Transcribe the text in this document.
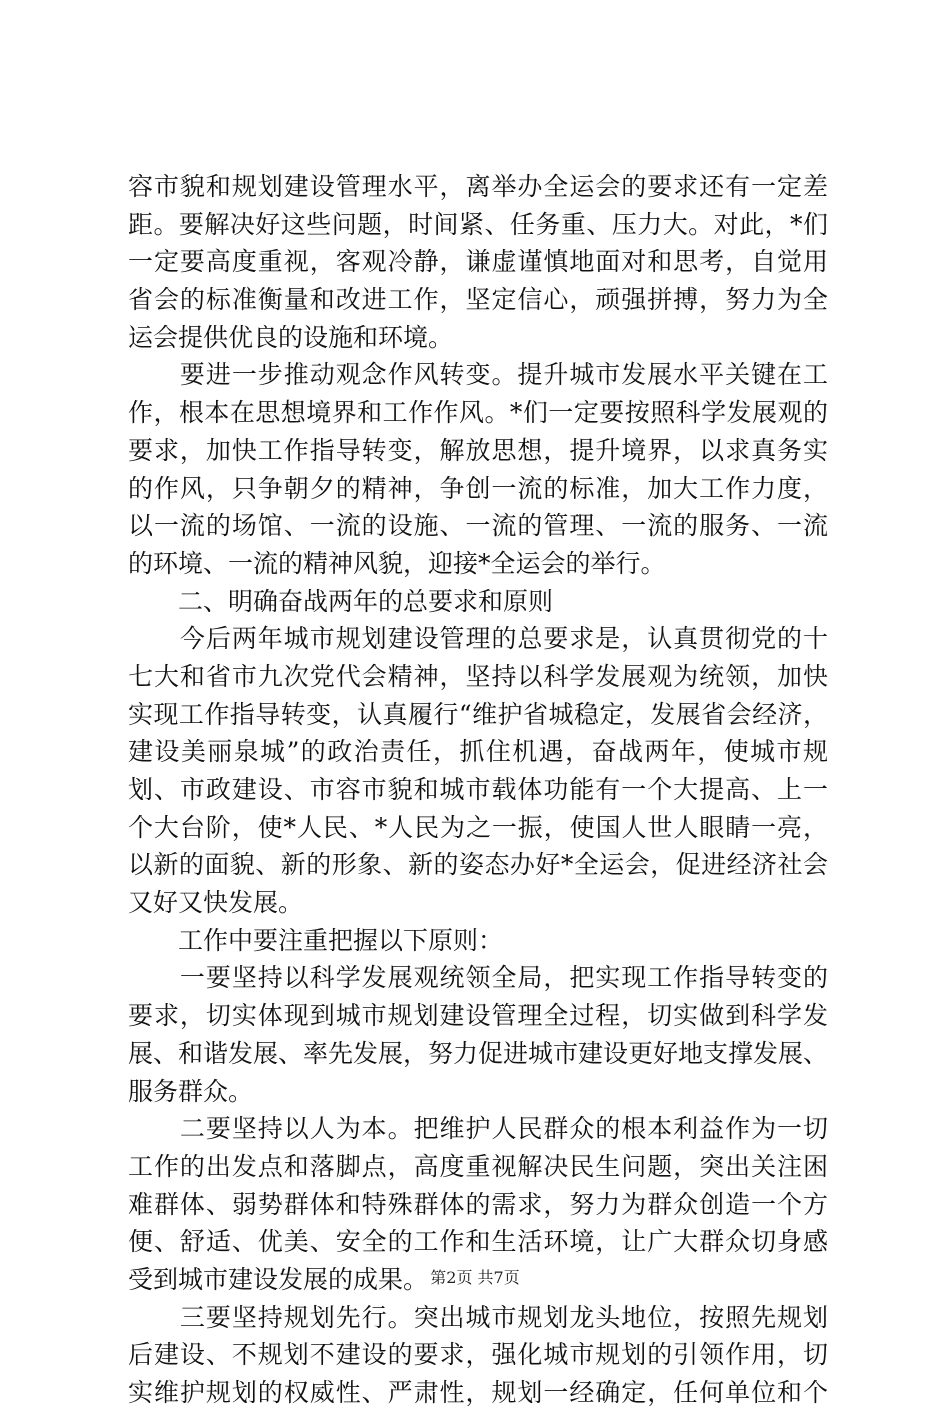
容市貌和规划建设管理水平，离举办全运会的要求还有一定差
距。要解决好这些问题，时间紧、任务重、压力大。对此，*们
一定要高度重视，客观冷静，谦虚谨慎地面对和思考，自觉用
省会的标准衡量和改进工作，坚定信心，顽强拼搏，努力为全
运会提供优良的设施和环境。
　　要进一步推动观念作风转变。提升城市发展水平关键在工
作，根本在思想境界和工作作风。*们一定要按照科学发展观的
要求，加快工作指导转变，解放思想，提升境界，以求真务实
的作风，只争朝夕的精神，争创一流的标准，加大工作力度，
以一流的场馆、一流的设施、一流的管理、一流的服务、一流
的环境、一流的精神风貌，迎接*全运会的举行。
　　二、明确奋战两年的总要求和原则
　　今后两年城市规划建设管理的总要求是，认真贯彻党的十
七大和省市九次党代会精神，坚持以科学发展观为统领，加快
实现工作指导转变，认真履行“维护省城稳定，发展省会经济，
建设美丽泉城”的政治责任，抓住机遇，奋战两年，使城市规
划、市政建设、市容市貌和城市载体功能有一个大提高、上一
个大台阶，使*人民、*人民为之一振，使国人世人眼睛一亮，
以新的面貌、新的形象、新的姿态办好*全运会，促进经济社会
又好又快发展。
　　工作中要注重把握以下原则：
　　一要坚持以科学发展观统领全局，把实现工作指导转变的
要求，切实体现到城市规划建设管理全过程，切实做到科学发
展、和谐发展、率先发展，努力促进城市建设更好地支撑发展、
服务群众。
　　二要坚持以人为本。把维护人民群众的根本利益作为一切
工作的出发点和落脚点，高度重视解决民生问题，突出关注困
难群体、弱势群体和特殊群体的需求，努力为群众创造一个方
便、舒适、优美、安全的工作和生活环境，让广大群众切身感
受到城市建设发展的成果。
　　三要坚持规划先行。突出城市规划龙头地位，按照先规划
后建设、不规划不建设的要求，强化城市规划的引领作用，切
实维护规划的权威性、严肃性，规划一经确定，任何单位和个
第2页 共7页
